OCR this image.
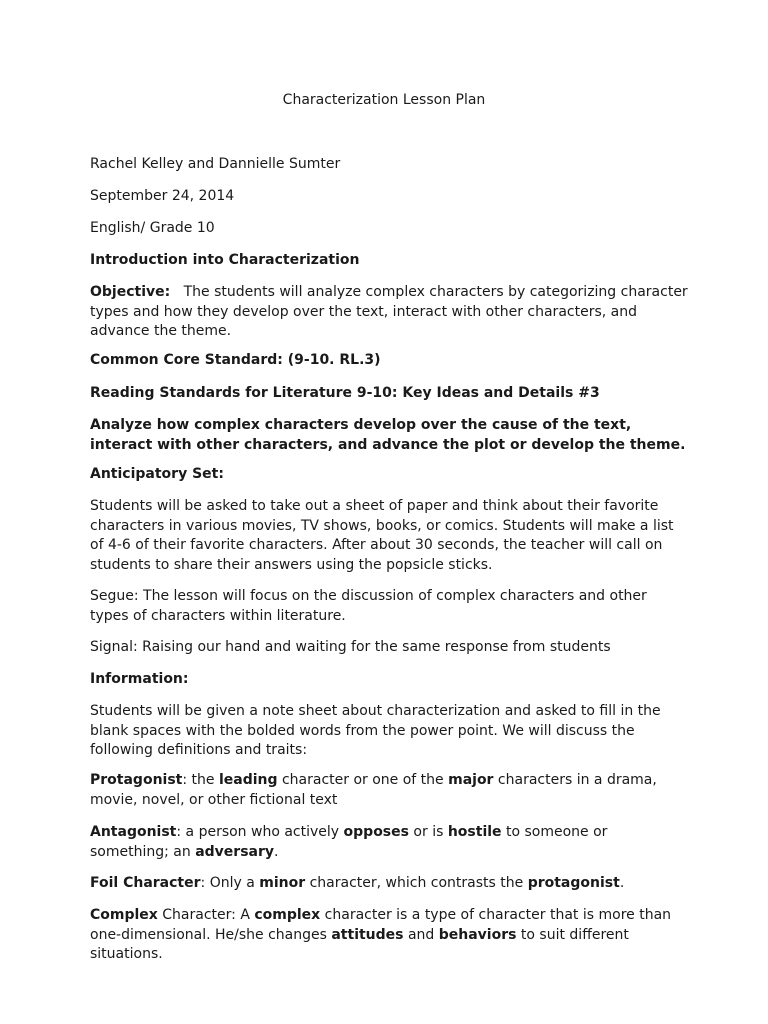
Characterization Lesson Plan

Rachel Kelley and Dannielle Sumter

September 24, 2014

English/ Grade 10

Introduction into Characterization

Objective: The students will analyze complex characters by categorizing character
types and how they develop over the text, interact with other characters, and
advance the theme.

Common Core Standard: (9-10. RL.3)

Reading Standards for Literature 9-10: Key Ideas and Details #3

Analyze how complex characters develop over the cause of the text,
interact with other characters, and advance the plot or develop the theme.

Anticipatory Set:

Students will be asked to take out a sheet of paper and think about their favorite
characters in various movies, TV shows, books, or comics. Students will make a list
of 4-6 of their favorite characters. After about 30 seconds, the teacher will call on
students to share their answers using the popsicle sticks.
Segue: The lesson will focus on the discussion of complex characters and other
types of characters within literature.

Signal: Raising our hand and waiting for the same response from students

Information:

Students will be given a note sheet about characterization and asked to fill in the
blank spaces with the bolded words from the power point. We will discuss the
following definitions and traits:
Protagonist: the leading character or one of the major characters in a drama,
movie, novel, or other fictional text
Antagonist: a person who actively opposes or is hostile to someone or
something; an adversary.
Foil Character: Only a minor character, which contrasts the protagonist.
Complex Character: A complex character is a type of character that is more than
one-dimensional. He/she changes attitudes and behaviors to suit different
situations.
